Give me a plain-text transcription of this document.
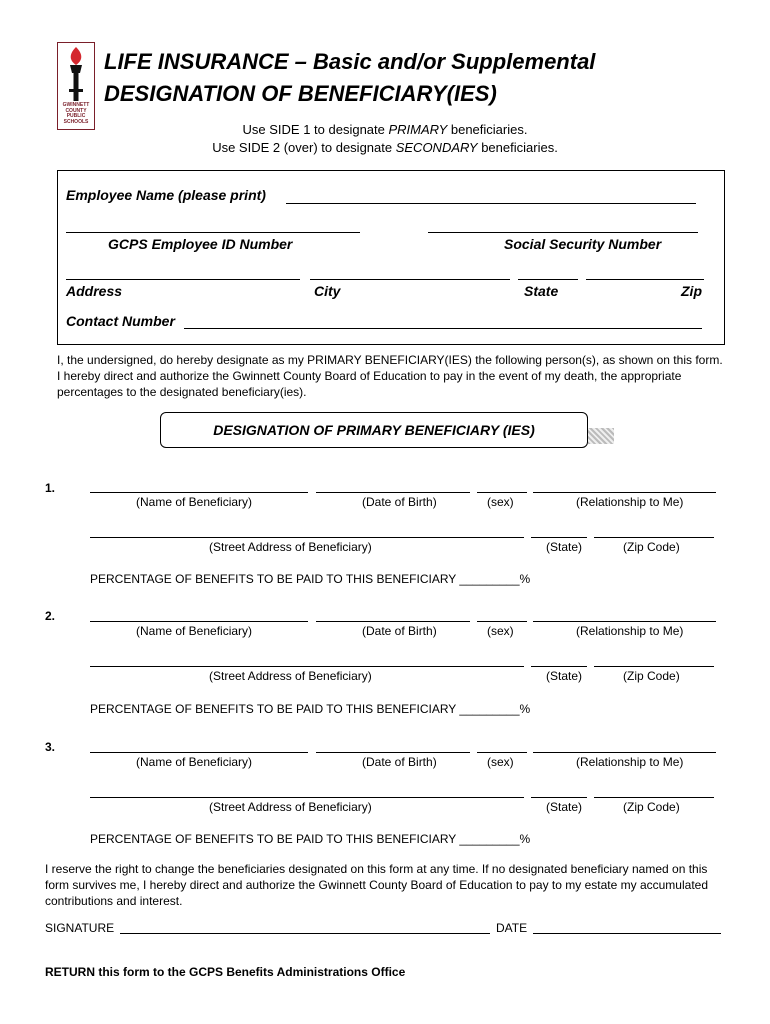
GWINNETT COUNTY PUBLIC SCHOOLS
LIFE INSURANCE – Basic and/or Supplemental
DESIGNATION OF BENEFICIARY(IES)
Use SIDE 1 to designate PRIMARY beneficiaries.
Use SIDE 2 (over) to designate SECONDARY beneficiaries.
Employee Name (please print)
GCPS Employee ID Number	Social Security Number
Address	City	State	Zip
Contact Number
I, the undersigned, do hereby designate as my PRIMARY BENEFICIARY(IES) the following person(s), as shown on this form. I hereby direct and authorize the Gwinnett County Board of Education to pay in the event of my death, the appropriate percentages to the designated beneficiary(ies).
DESIGNATION OF PRIMARY BENEFICIARY (IES)
1.
(Name of Beneficiary)	(Date of Birth)	(sex)	(Relationship to Me)
(Street Address of Beneficiary)	(State)	(Zip Code)
PERCENTAGE OF BENEFITS TO BE PAID TO THIS BENEFICIARY _________%
2.
(Name of Beneficiary)	(Date of Birth)	(sex)	(Relationship to Me)
(Street Address of Beneficiary)	(State)	(Zip Code)
PERCENTAGE OF BENEFITS TO BE PAID TO THIS BENEFICIARY _________%
3.
(Name of Beneficiary)	(Date of Birth)	(sex)	(Relationship to Me)
(Street Address of Beneficiary)	(State)	(Zip Code)
PERCENTAGE OF BENEFITS TO BE PAID TO THIS BENEFICIARY _________%
I reserve the right to change the beneficiaries designated on this form at any time. If no designated beneficiary named on this form survives me, I hereby direct and authorize the Gwinnett County Board of Education to pay to my estate my accumulated contributions and interest.
SIGNATURE	DATE
RETURN this form to the GCPS Benefits Administrations Office
